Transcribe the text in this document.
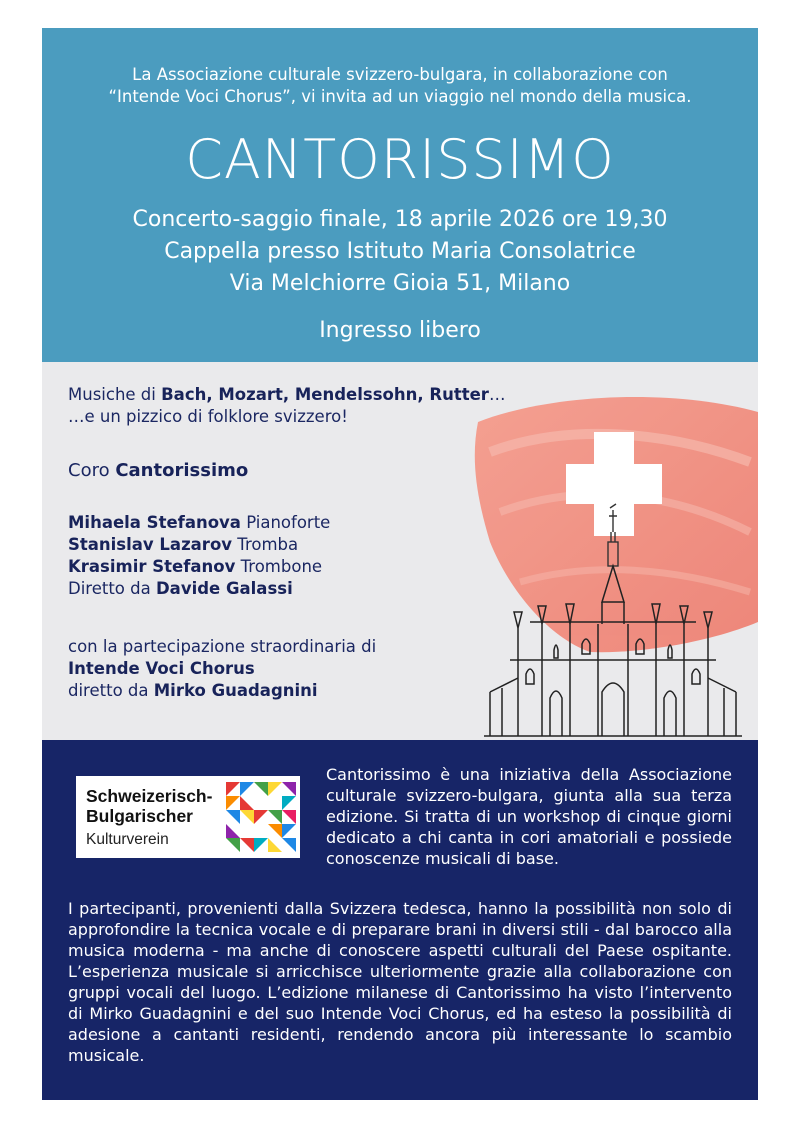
La Associazione culturale svizzero-bulgara, in collaborazione con
“Intende Voci Chorus”, vi invita ad un viaggio nel mondo della musica.
CANTORISSIMO
Concerto-saggio finale, 18 aprile 2026 ore 19,30
Cappella presso Istituto Maria Consolatrice
Via Melchiorre Gioia 51, Milano
Ingresso libero
Musiche di Bach, Mozart, Mendelssohn, Rutter…
…e un pizzico di folklore svizzero!
Coro Cantorissimo
Mihaela Stefanova Pianoforte
Stanislav Lazarov Tromba
Krasimir Stefanov Trombone
Diretto da Davide Galassi
con la partecipazione straordinaria di
Intende Voci Chorus
diretto da Mirko Guadagnini
Schweizerisch-
Bulgarischer
Kulturverein
Cantorissimo è una iniziativa della Associazione culturale svizzero-bulgara, giunta alla sua terza edizione. Si tratta di un workshop di cinque giorni dedicato a chi canta in cori amatoriali e possiede conoscenze musicali di base.
I partecipanti, provenienti dalla Svizzera tedesca, hanno la possibilità non solo di approfondire la tecnica vocale e di preparare brani in diversi stili - dal barocco alla musica moderna - ma anche di conoscere aspetti culturali del Paese ospitante. L’esperienza musicale si arricchisce ulteriormente grazie alla collaborazione con gruppi vocali del luogo. L’edizione milanese di Cantorissimo ha visto l’intervento di Mirko Guadagnini e del suo Intende Voci Chorus, ed ha esteso la possibilità di adesione a cantanti residenti, rendendo ancora più interessante lo scambio musicale.
